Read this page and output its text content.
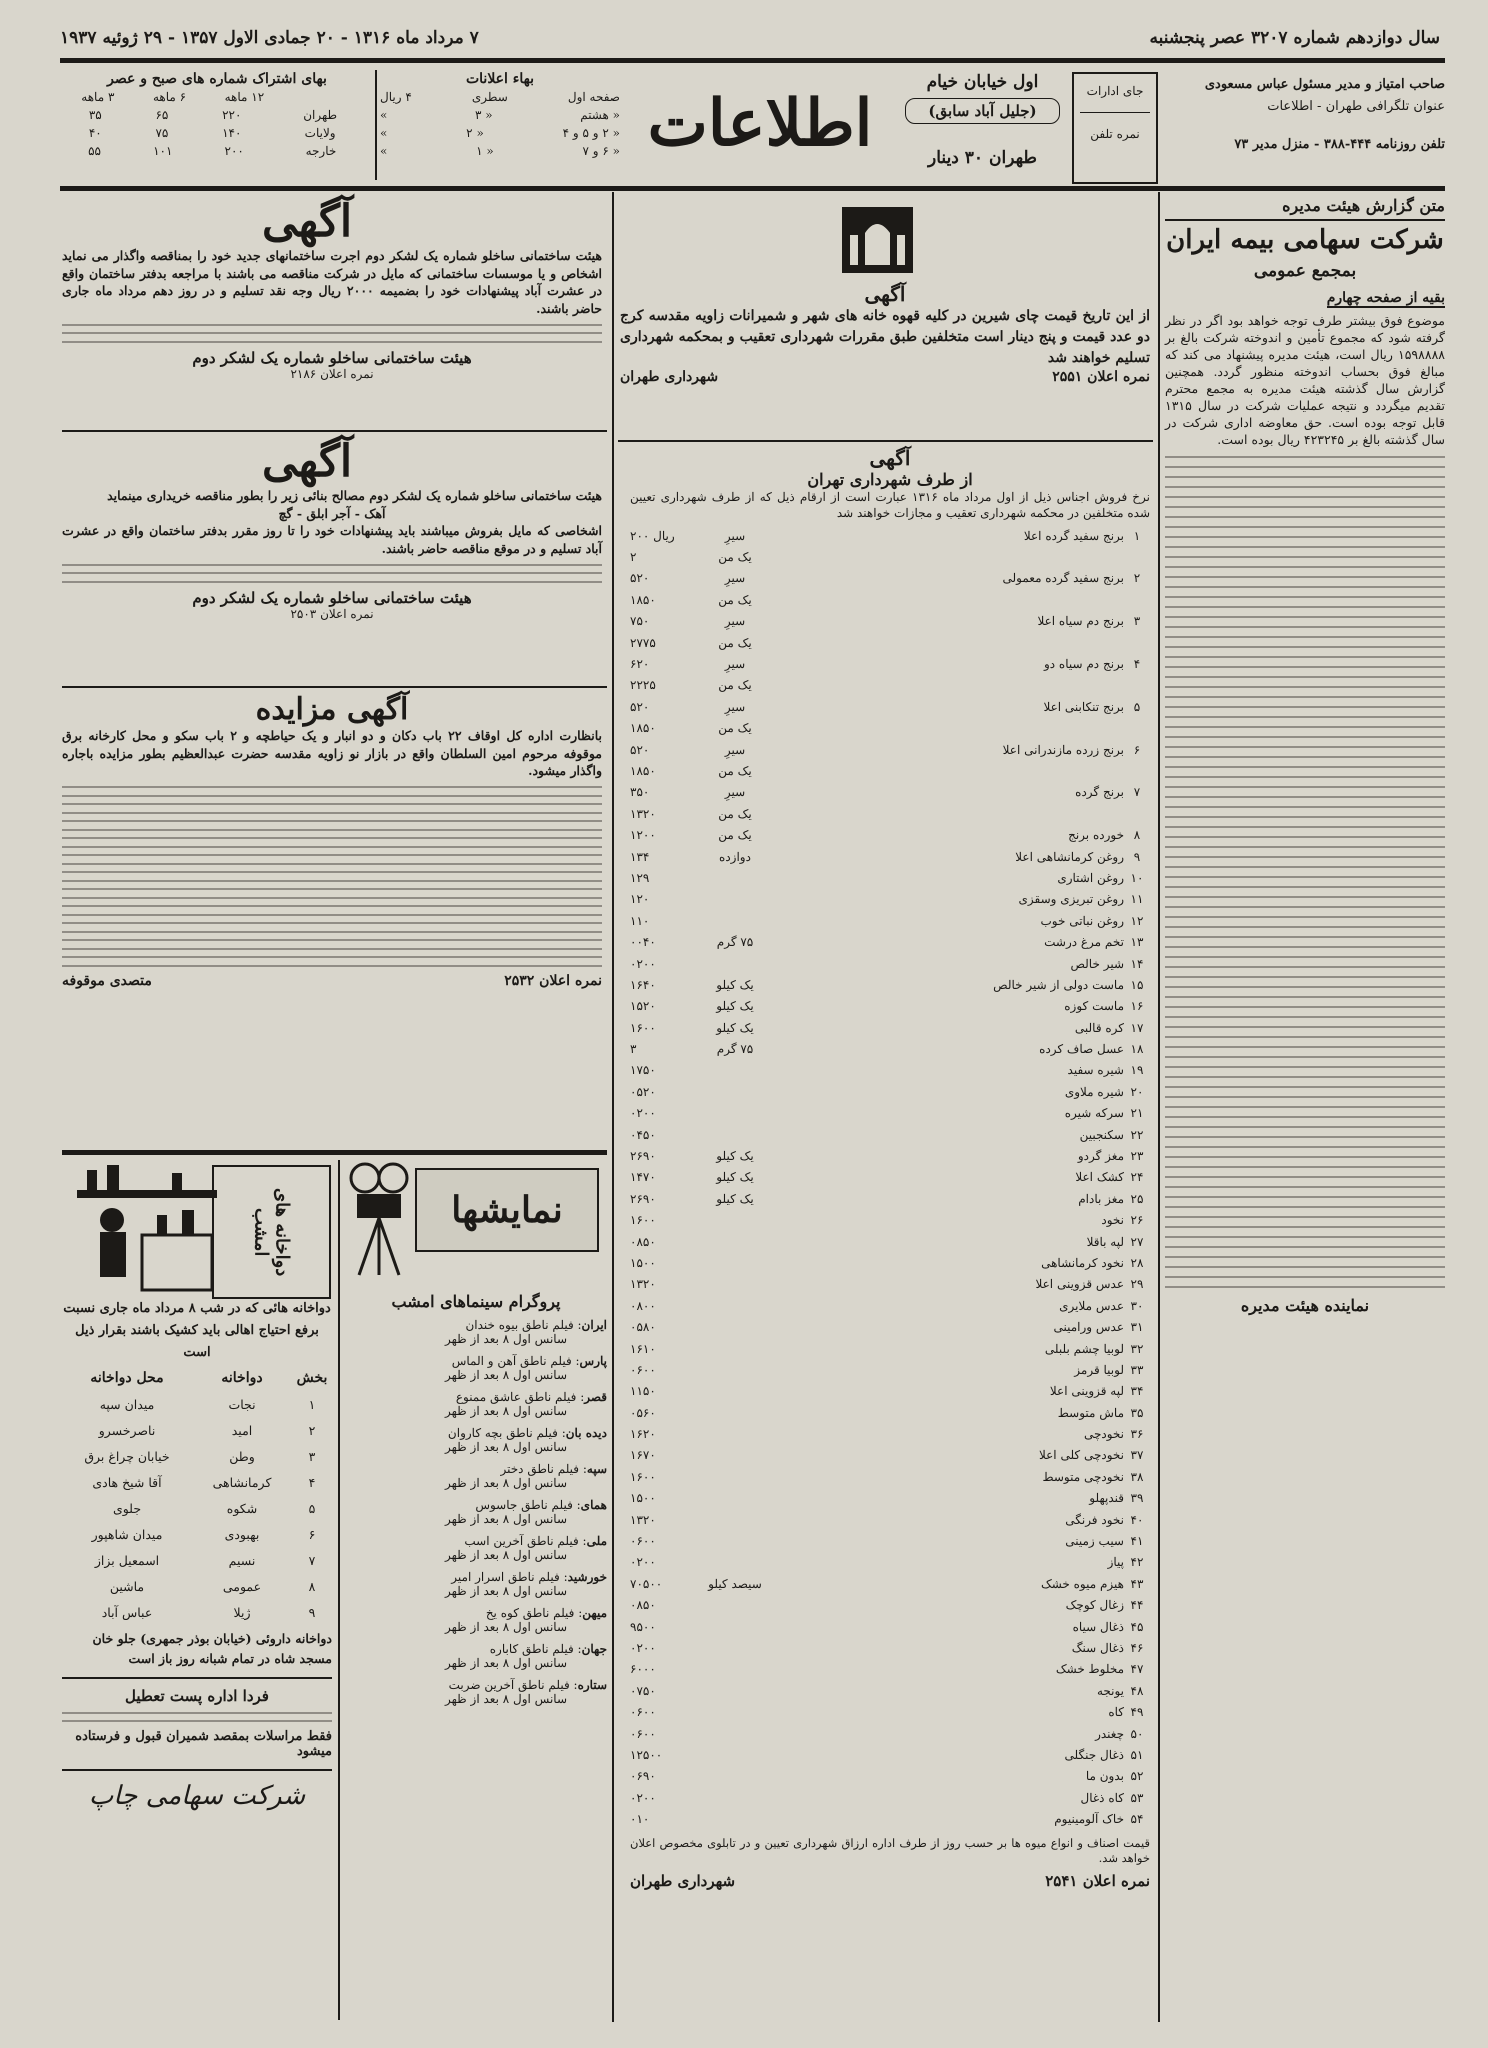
سال دوازدهم شماره ۳۲۰۷ عصر پنجشنبه
۷ مرداد ماه ۱۳۱۶ - ۲۰ جمادی الاول ۱۳۵۷ - ۲۹ ژوئیه ۱۹۳۷
صاحب امتیاز و مدیر مسئول عباس مسعودی
عنوان تلگرافی طهران - اطلاعات
تلفن روزنامه ۴۴۴-۳۸۸ - منزل مدیر ۷۳
جای ادارات
نمره تلفن
اول خیابان خیام
(جلیل آباد سابق)
طهران ۳۰ دینار
اطلاعات
بهاء اعلانات
صفحه اول
سطری
۴ ریال
« هشتم
« ۳
»
« ۲ و ۵ و ۴
« ۲
»
« ۶ و ۷
« ۱
»
بهای اشتراک شماره های صبح و عصر
۱۲ ماهه
۶ ماهه
۳ ماهه
طهران
۲۲۰
۶۵
۳۵
ولایات
۱۴۰
۷۵
۴۰
خارجه
۲۰۰
۱۰۱
۵۵
آگهی
هیئت ساختمانی ساخلو شماره یک لشکر دوم اجرت ساختمانهای جدید خود را بمناقصه واگذار می نماید اشخاص و یا موسسات ساختمانی که مایل در شرکت مناقصه می باشند با مراجعه بدفتر ساختمان واقع در عشرت آباد پیشنهادات خود را بضمیمه ۲۰۰۰ ریال وجه نقد تسلیم و در روز دهم مرداد ماه جاری حاضر باشند.
هیئت ساختمانی ساخلو شماره یک لشکر دوم
نمره اعلان ۲۱۸۶
آگهی
هیئت ساختمانی ساخلو شماره یک لشکر دوم مصالح بنائی زیر را بطور مناقصه خریداری مینماید
آهک - آجر ابلق - گچ
اشخاصی که مایل بفروش میباشند باید پیشنهادات خود را تا روز مقرر بدفتر ساختمان واقع در عشرت آباد تسلیم و در موقع مناقصه حاضر باشند.
هیئت ساختمانی ساخلو شماره یک لشکر دوم
نمره اعلان ۲۵۰۳
آگهی مزایده
بانظارت اداره کل اوقاف ۲۲ باب دکان و دو انبار و یک حیاطچه و ۲ باب سکو و محل کارخانه برق موقوفه مرحوم امین السلطان واقع در بازار نو زاویه مقدسه حضرت عبدالعظیم بطور مزایده باجاره واگذار میشود.
نمره اعلان ۲۵۳۲
متصدی موقوفه
نمایشها
پروگرام سینماهای امشب
ایران: فیلم ناطق بیوه خندان
سانس اول ۸ بعد از ظهر
پارس: فیلم ناطق آهن و الماس
سانس اول ۸ بعد از ظهر
قصر: فیلم ناطق عاشق ممنوع
سانس اول ۸ بعد از ظهر
دیده بان: فیلم ناطق بچه کاروان
سانس اول ۸ بعد از ظهر
سپه: فیلم ناطق دختر
سانس اول ۸ بعد از ظهر
همای: فیلم ناطق جاسوس
سانس اول ۸ بعد از ظهر
ملی: فیلم ناطق آخرین اسب
سانس اول ۸ بعد از ظهر
خورشید: فیلم ناطق اسرار امیر
سانس اول ۸ بعد از ظهر
میهن: فیلم ناطق کوه یخ
سانس اول ۸ بعد از ظهر
جهان: فیلم ناطق کاباره
سانس اول ۸ بعد از ظهر
ستاره: فیلم ناطق آخرین ضربت
سانس اول ۸ بعد از ظهر
دواخانه های امشب
دواخانه هائی که در شب ۸ مرداد ماه جاری نسبت برفع احتیاج اهالی باید کشیک باشند بقرار ذیل است
بخش
دواخانه
محل دواخانه
۱
نجات
میدان سپه
۲
امید
ناصرخسرو
۳
وطن
خیابان چراغ برق
۴
کرمانشاهی
آقا شیخ هادی
۵
شکوه
جلوی
۶
بهبودی
میدان شاهپور
۷
نسیم
اسمعیل بزاز
۸
عمومی
ماشین
۹
ژیلا
عباس آباد
دواخانه داروئی (خیابان بوذر جمهری) جلو خان مسجد شاه در تمام شبانه روز باز است
فردا اداره پست تعطیل
فقط مراسلات بمقصد شمیران قبول و فرستاده میشود
شرکت سهامی چاپ
آگهی
از این تاریخ قیمت چای شیرین در کلیه قهوه خانه های شهر و شمیرانات زاویه مقدسه کرج دو عدد قیمت و پنج دینار است متخلفین طبق مقررات شهرداری تعقیب و بمحکمه شهرداری تسلیم خواهند شد
نمره اعلان ۲۵۵۱
شهرداری طهران
آگهی
از طرف شهرداری تهران
نرخ فروش اجناس ذیل از اول مرداد ماه ۱۳۱۶ عبارت است از ارقام ذیل که از طرف شهرداری تعیین شده متخلفین در محکمه شهرداری تعقیب و مجازات خواهند شد
۱
برنج سفید گرده اعلا
سیرِ
۲۰۰ ریال
یک من
۲
۲
برنج سفید گرده معمولی
سیرِ
۵۲۰
یک من
۱۸۵۰
۳
برنج دم سیاه اعلا
سیرِ
۷۵۰
یک من
۲۷۷۵
۴
برنج دم سیاه دو
سیرِ
۶۲۰
یک من
۲۲۲۵
۵
برنج تنکابنی اعلا
سیرِ
۵۲۰
یک من
۱۸۵۰
۶
برنج زرده مازندرانی اعلا
سیرِ
۵۲۰
یک من
۱۸۵۰
۷
برنج گرده
سیرِ
۳۵۰
یک من
۱۳۲۰
۸
خورده برنج
یک من
۱۲۰۰
۹
روغن کرمانشاهی اعلا
دوازده
۱۳۴
۱۰
روغن اشتاری
۱۲۹
۱۱
روغن تبریزی وسقزی
۱۲۰
۱۲
روغن نباتی خوب
۱۱۰
۱۳
تخم مرغ درشت
۷۵ گرم
۰۰۴۰
۱۴
شیر خالص
۰۲۰۰
۱۵
ماست دولی از شیر خالص
یک کیلو
۱۶۴۰
۱۶
ماست کوزه
یک کیلو
۱۵۲۰
۱۷
کره قالبی
یک کیلو
۱۶۰۰
۱۸
عسل صاف کرده
۷۵ گرم
۳
۱۹
شیره سفید
۱۷۵۰
۲۰
شیره ملاوی
۰۵۲۰
۲۱
سرکه شیره
۰۲۰۰
۲۲
سکنجبین
۰۴۵۰
۲۳
مغز گردو
یک کیلو
۲۶۹۰
۲۴
کشک اعلا
یک کیلو
۱۴۷۰
۲۵
مغز بادام
یک کیلو
۲۶۹۰
۲۶
نخود
۱۶۰۰
۲۷
لپه باقلا
۰۸۵۰
۲۸
نخود کرمانشاهی
۱۵۰۰
۲۹
عدس قزوینی اعلا
۱۳۲۰
۳۰
عدس ملایری
۰۸۰۰
۳۱
عدس ورامینی
۰۵۸۰
۳۲
لوبیا چشم بلبلی
۱۶۱۰
۳۳
لوبیا قرمز
۰۶۰۰
۳۴
لپه قزوینی اعلا
۱۱۵۰
۳۵
ماش متوسط
۰۵۶۰
۳۶
نخودچی
۱۶۲۰
۳۷
نخودچی کلی اعلا
۱۶۷۰
۳۸
نخودچی متوسط
۱۶۰۰
۳۹
قندپهلو
۱۵۰۰
۴۰
نخود فرنگی
۱۳۲۰
۴۱
سیب زمینی
۰۶۰۰
۴۲
پیاز
۰۲۰۰
۴۳
هیزم میوه خشک
سیصد کیلو
۷۰۵۰۰
۴۴
زغال کوچک
۰۸۵۰
۴۵
ذغال سیاه
۹۵۰۰
۴۶
ذغال سنگ
۰۲۰۰
۴۷
مخلوط خشک
۶۰۰۰
۴۸
یونجه
۰۷۵۰
۴۹
کاه
۰۶۰۰
۵۰
چغندر
۰۶۰۰
۵۱
ذغال جنگلی
۱۲۵۰۰
۵۲
بدون ما
۰۶۹۰
۵۳
کاه ذغال
۰۲۰۰
۵۴
خاک آلومینیوم
۰۱۰
قیمت اصناف و انواع میوه ها بر حسب روز از طرف اداره ارزاق شهرداری تعیین و در تابلوی مخصوص اعلان خواهد شد.
نمره اعلان ۲۵۴۱
شهرداری طهران
متن گزارش هیئت مدیره
شرکت سهامی بیمه ایران
بمجمع عمومی
بقیه از صفحه چهارم
موضوع فوق بیشتر طرف توجه خواهد بود اگر در نظر گرفته شود که مجموع تأمین و اندوخته شرکت بالغ بر ۱۵۹۸۸۸۸ ریال است، هیئت مدیره پیشنهاد می کند که مبالغ فوق بحساب اندوخته منظور گردد. همچنین گزارش سال گذشته هیئت مدیره به مجمع محترم تقدیم میگردد و نتیجه عملیات شرکت در سال ۱۳۱۵ قابل توجه بوده است. حق معاوضه اداری شرکت در سال گذشته بالغ بر ۴۲۳۲۴۵ ریال بوده است.
نماینده هیئت مدیره
